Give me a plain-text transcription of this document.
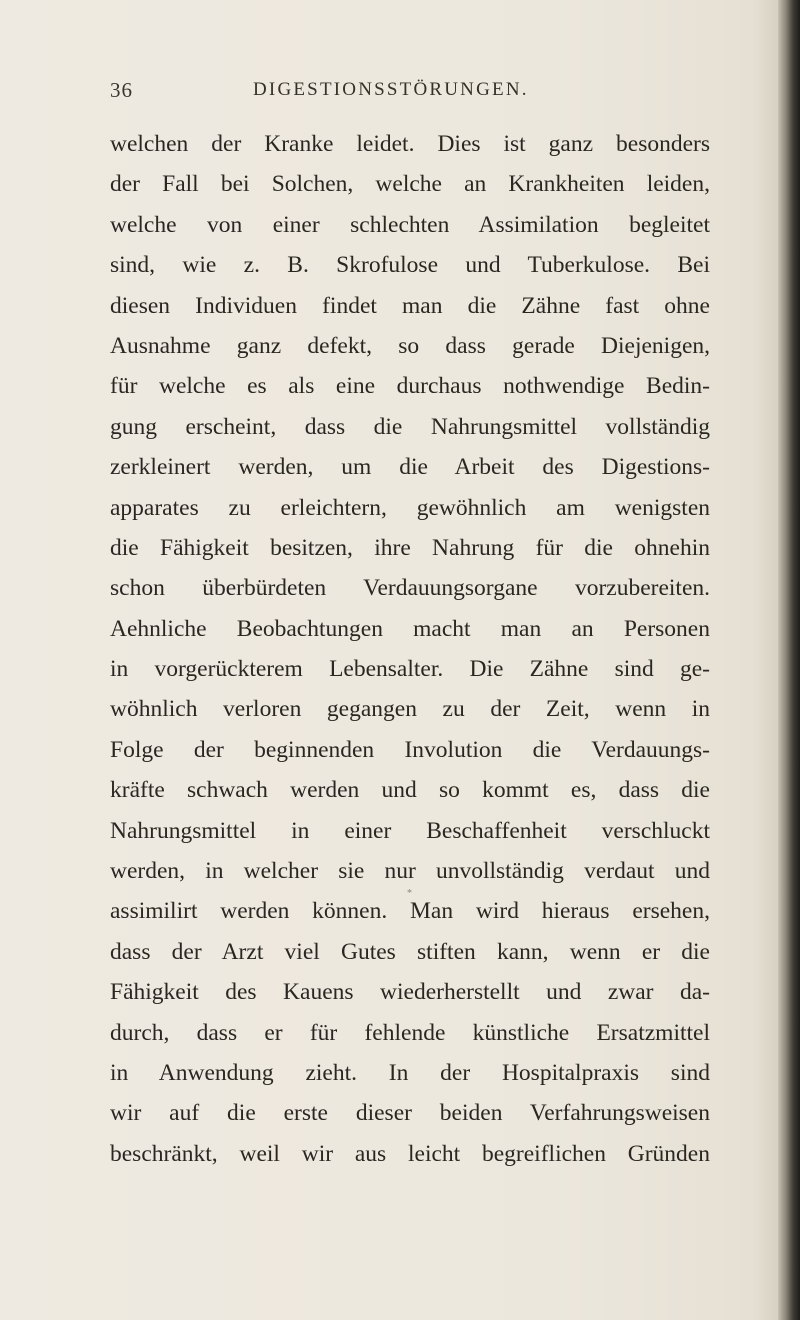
36	DIGESTIONSSTÖRUNGEN.
welchen der Kranke leidet. Dies ist ganz besonders
der Fall bei Solchen, welche an Krankheiten leiden,
welche von einer schlechten Assimilation begleitet
sind, wie z. B. Skrofulose und Tuberkulose. Bei
diesen Individuen findet man die Zähne fast ohne
Ausnahme ganz defekt, so dass gerade Diejenigen,
für welche es als eine durchaus nothwendige Bedin-
gung erscheint, dass die Nahrungsmittel vollständig
zerkleinert werden, um die Arbeit des Digestions-
apparates zu erleichtern, gewöhnlich am wenigsten
die Fähigkeit besitzen, ihre Nahrung für die ohnehin
schon überbürdeten Verdauungsorgane vorzubereiten.
Aehnliche Beobachtungen macht man an Personen
in vorgerückterem Lebensalter. Die Zähne sind ge-
wöhnlich verloren gegangen zu der Zeit, wenn in
Folge der beginnenden Involution die Verdauungs-
kräfte schwach werden und so kommt es, dass die
Nahrungsmittel in einer Beschaffenheit verschluckt
werden, in welcher sie nur unvollständig verdaut und
assimilirt werden können. Man wird hieraus ersehen,
dass der Arzt viel Gutes stiften kann, wenn er die
Fähigkeit des Kauens wiederherstellt und zwar da-
durch, dass er für fehlende künstliche Ersatzmittel
in Anwendung zieht. In der Hospitalpraxis sind
wir auf die erste dieser beiden Verfahrungsweisen
beschränkt, weil wir aus leicht begreiflichen Gründen
*
